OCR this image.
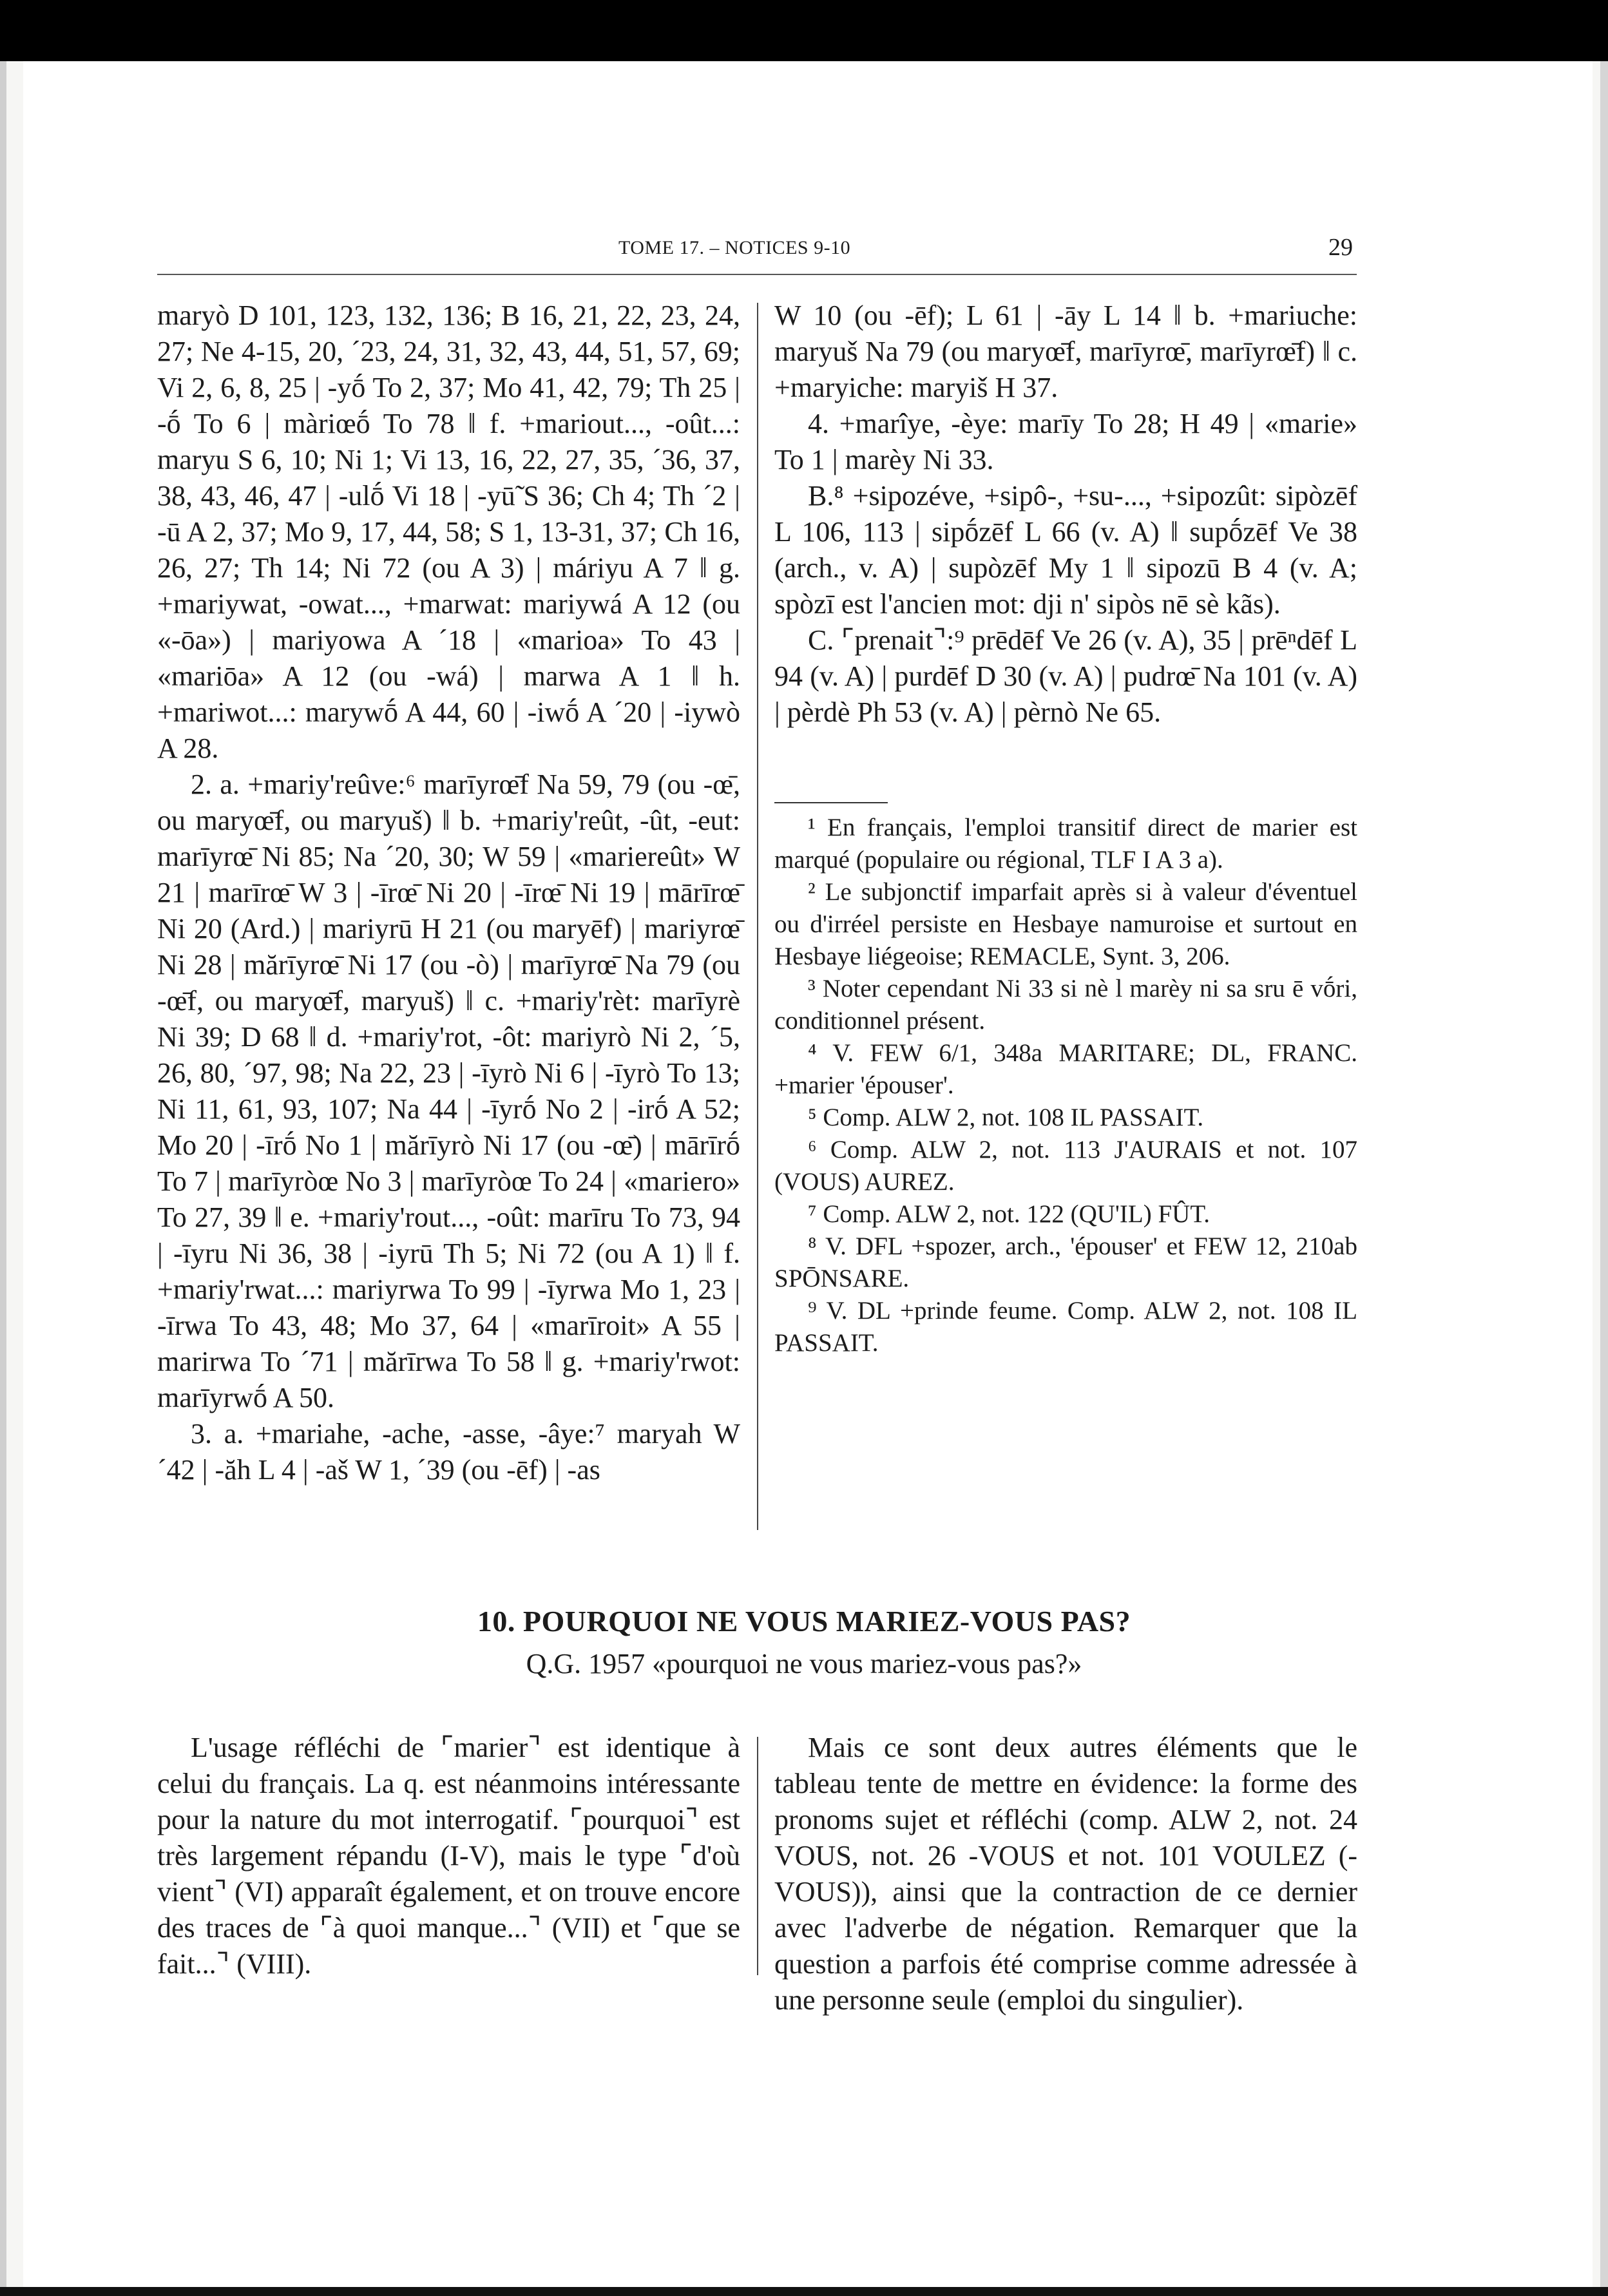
TOME 17. – NOTICES 9-10	29

maryò D 101, 123, 132, 136; B 16, 21, 22, 23, 24, 27; Ne 4-15, 20, ´23, 24, 31, 32, 43, 44, 51, 57, 69; Vi 2, 6, 8, 25 | -yṓ To 2, 37; Mo 41, 42, 79; Th 25 | -ṓ To 6 | màriœṓ To 78 ‖ f. +mariout..., -oût...: maryu S 6, 10; Ni 1; Vi 13, 16, 22, 27, 35, ´36, 37, 38, 43, 46, 47 | -ulṓ Vi 18 | -yū̃ S 36; Ch 4; Th ´2 | -ū A 2, 37; Mo 9, 17, 44, 58; S 1, 13-31, 37; Ch 16, 26, 27; Th 14; Ni 72 (ou A 3) | máriyu A 7 ‖ g. +mariywat, -owat..., +marwat: mariywá A 12 (ou «-ōa») | mariyowa A ´18 | «marioa» To 43 | «mariōa» A 12 (ou -wá) | marwa A 1 ‖ h. +mariwot...: marywṓ A 44, 60 | -iwṓ A ´20 | -iywò A 28.

2. a. +mariy'reûve:⁶ marīyrœ̄f Na 59, 79 (ou -œ̄, ou maryœ̄f, ou maryuš) ‖ b. +mariy'reût, -ût, -eut: marīyrœ̄ Ni 85; Na ´20, 30; W 59 | «mariereût» W 21 | marīrœ̄ W 3 | -īrœ̄ Ni 20 | -īrœ̄ Ni 19 | mārīrœ̄ Ni 20 (Ard.) | mariyrū H 21 (ou maryēf) | mariyrœ̄ Ni 28 | mărīyrœ̄ Ni 17 (ou -ò) | marīyrœ̄ Na 79 (ou -œ̄f, ou maryœ̄f, maryuš) ‖ c. +mariy'rèt: marīyrè Ni 39; D 68 ‖ d. +mariy'rot, -ôt: mariyrò Ni 2, ´5, 26, 80, ´97, 98; Na 22, 23 | -īyrò Ni 6 | -īyrò To 13; Ni 11, 61, 93, 107; Na 44 | -īyrṓ No 2 | -irṓ A 52; Mo 20 | -īrṓ No 1 | mărīyrò Ni 17 (ou -œ̄) | mārīrṓ To 7 | marīyròœ No 3 | marīyròœ To 24 | «mariero» To 27, 39 ‖ e. +mariy'rout..., -oût: marīru To 73, 94 | -īyru Ni 36, 38 | -iyrū Th 5; Ni 72 (ou A 1) ‖ f. +mariy'rwat...: mariyrwa To 99 | -īyrwa Mo 1, 23 | -īrwa To 43, 48; Mo 37, 64 | «marīroit» A 55 | marirwa To ´71 | mărīrwa To 58 ‖ g. +mariy'rwot: marīyrwṓ A 50.

3. a. +mariahe, -ache, -asse, -âye:⁷ maryah W ´42 | -ăh L 4 | -aš W 1, ´39 (ou -ēf) | -as

W 10 (ou -ēf); L 61 | -āy L 14 ‖ b. +mariuche: maryuš Na 79 (ou maryœ̄f, marīyrœ̄, marīyrœ̄f) ‖ c. +maryiche: maryiš H 37.

4. +marîye, -èye: marīy To 28; H 49 | «marie» To 1 | marèy Ni 33.

B.⁸ +sipozéve, +sipô-, +su-..., +sipozût: sipòzēf L 106, 113 | sipṓzēf L 66 (v. A) ‖ supṓzēf Ve 38 (arch., v. A) | supòzēf My 1 ‖ sipozū B 4 (v. A; spòzī est l'ancien mot: dji n' sipòs nē sè kãs).

C. ⌜prenait⌝:⁹ prēdēf Ve 26 (v. A), 35 | prēⁿdēf L 94 (v. A) | purdēf D 30 (v. A) | pudrœ̄ Na 101 (v. A) | pèrdè Ph 53 (v. A) | pèrnò Ne 65.

¹ En français, l'emploi transitif direct de marier est marqué (populaire ou régional, TLF I A 3 a).

² Le subjonctif imparfait après si à valeur d'éventuel ou d'irréel persiste en Hesbaye namuroise et surtout en Hesbaye liégeoise; REMACLE, Synt. 3, 206.

³ Noter cependant Ni 33 si nè l marèy ni sa sru ē vṓri, conditionnel présent.

⁴ V. FEW 6/1, 348a MARITARE; DL, FRANC. +marier 'épouser'.

⁵ Comp. ALW 2, not. 108 IL PASSAIT.

⁶ Comp. ALW 2, not. 113 J'AURAIS et not. 107 (VOUS) AUREZ.

⁷ Comp. ALW 2, not. 122 (QU'IL) FÛT.

⁸ V. DFL +spozer, arch., 'épouser' et FEW 12, 210ab SPŌNSARE.

⁹ V. DL +prinde feume. Comp. ALW 2, not. 108 IL PASSAIT.

10. POURQUOI NE VOUS MARIEZ-VOUS PAS?
Q.G. 1957 «pourquoi ne vous mariez-vous pas?»

L'usage réfléchi de ⌜marier⌝ est identique à celui du français. La q. est néanmoins intéressante pour la nature du mot interrogatif. ⌜pourquoi⌝ est très largement répandu (I-V), mais le type ⌜d'où vient⌝ (VI) apparaît également, et on trouve encore des traces de ⌜à quoi manque...⌝ (VII) et ⌜que se fait...⌝ (VIII).

Mais ce sont deux autres éléments que le tableau tente de mettre en évidence: la forme des pronoms sujet et réfléchi (comp. ALW 2, not. 24 VOUS, not. 26 -VOUS et not. 101 VOULEZ (-VOUS)), ainsi que la contraction de ce dernier avec l'adverbe de négation. Remarquer que la question a parfois été comprise comme adressée à une personne seule (emploi du singulier).
